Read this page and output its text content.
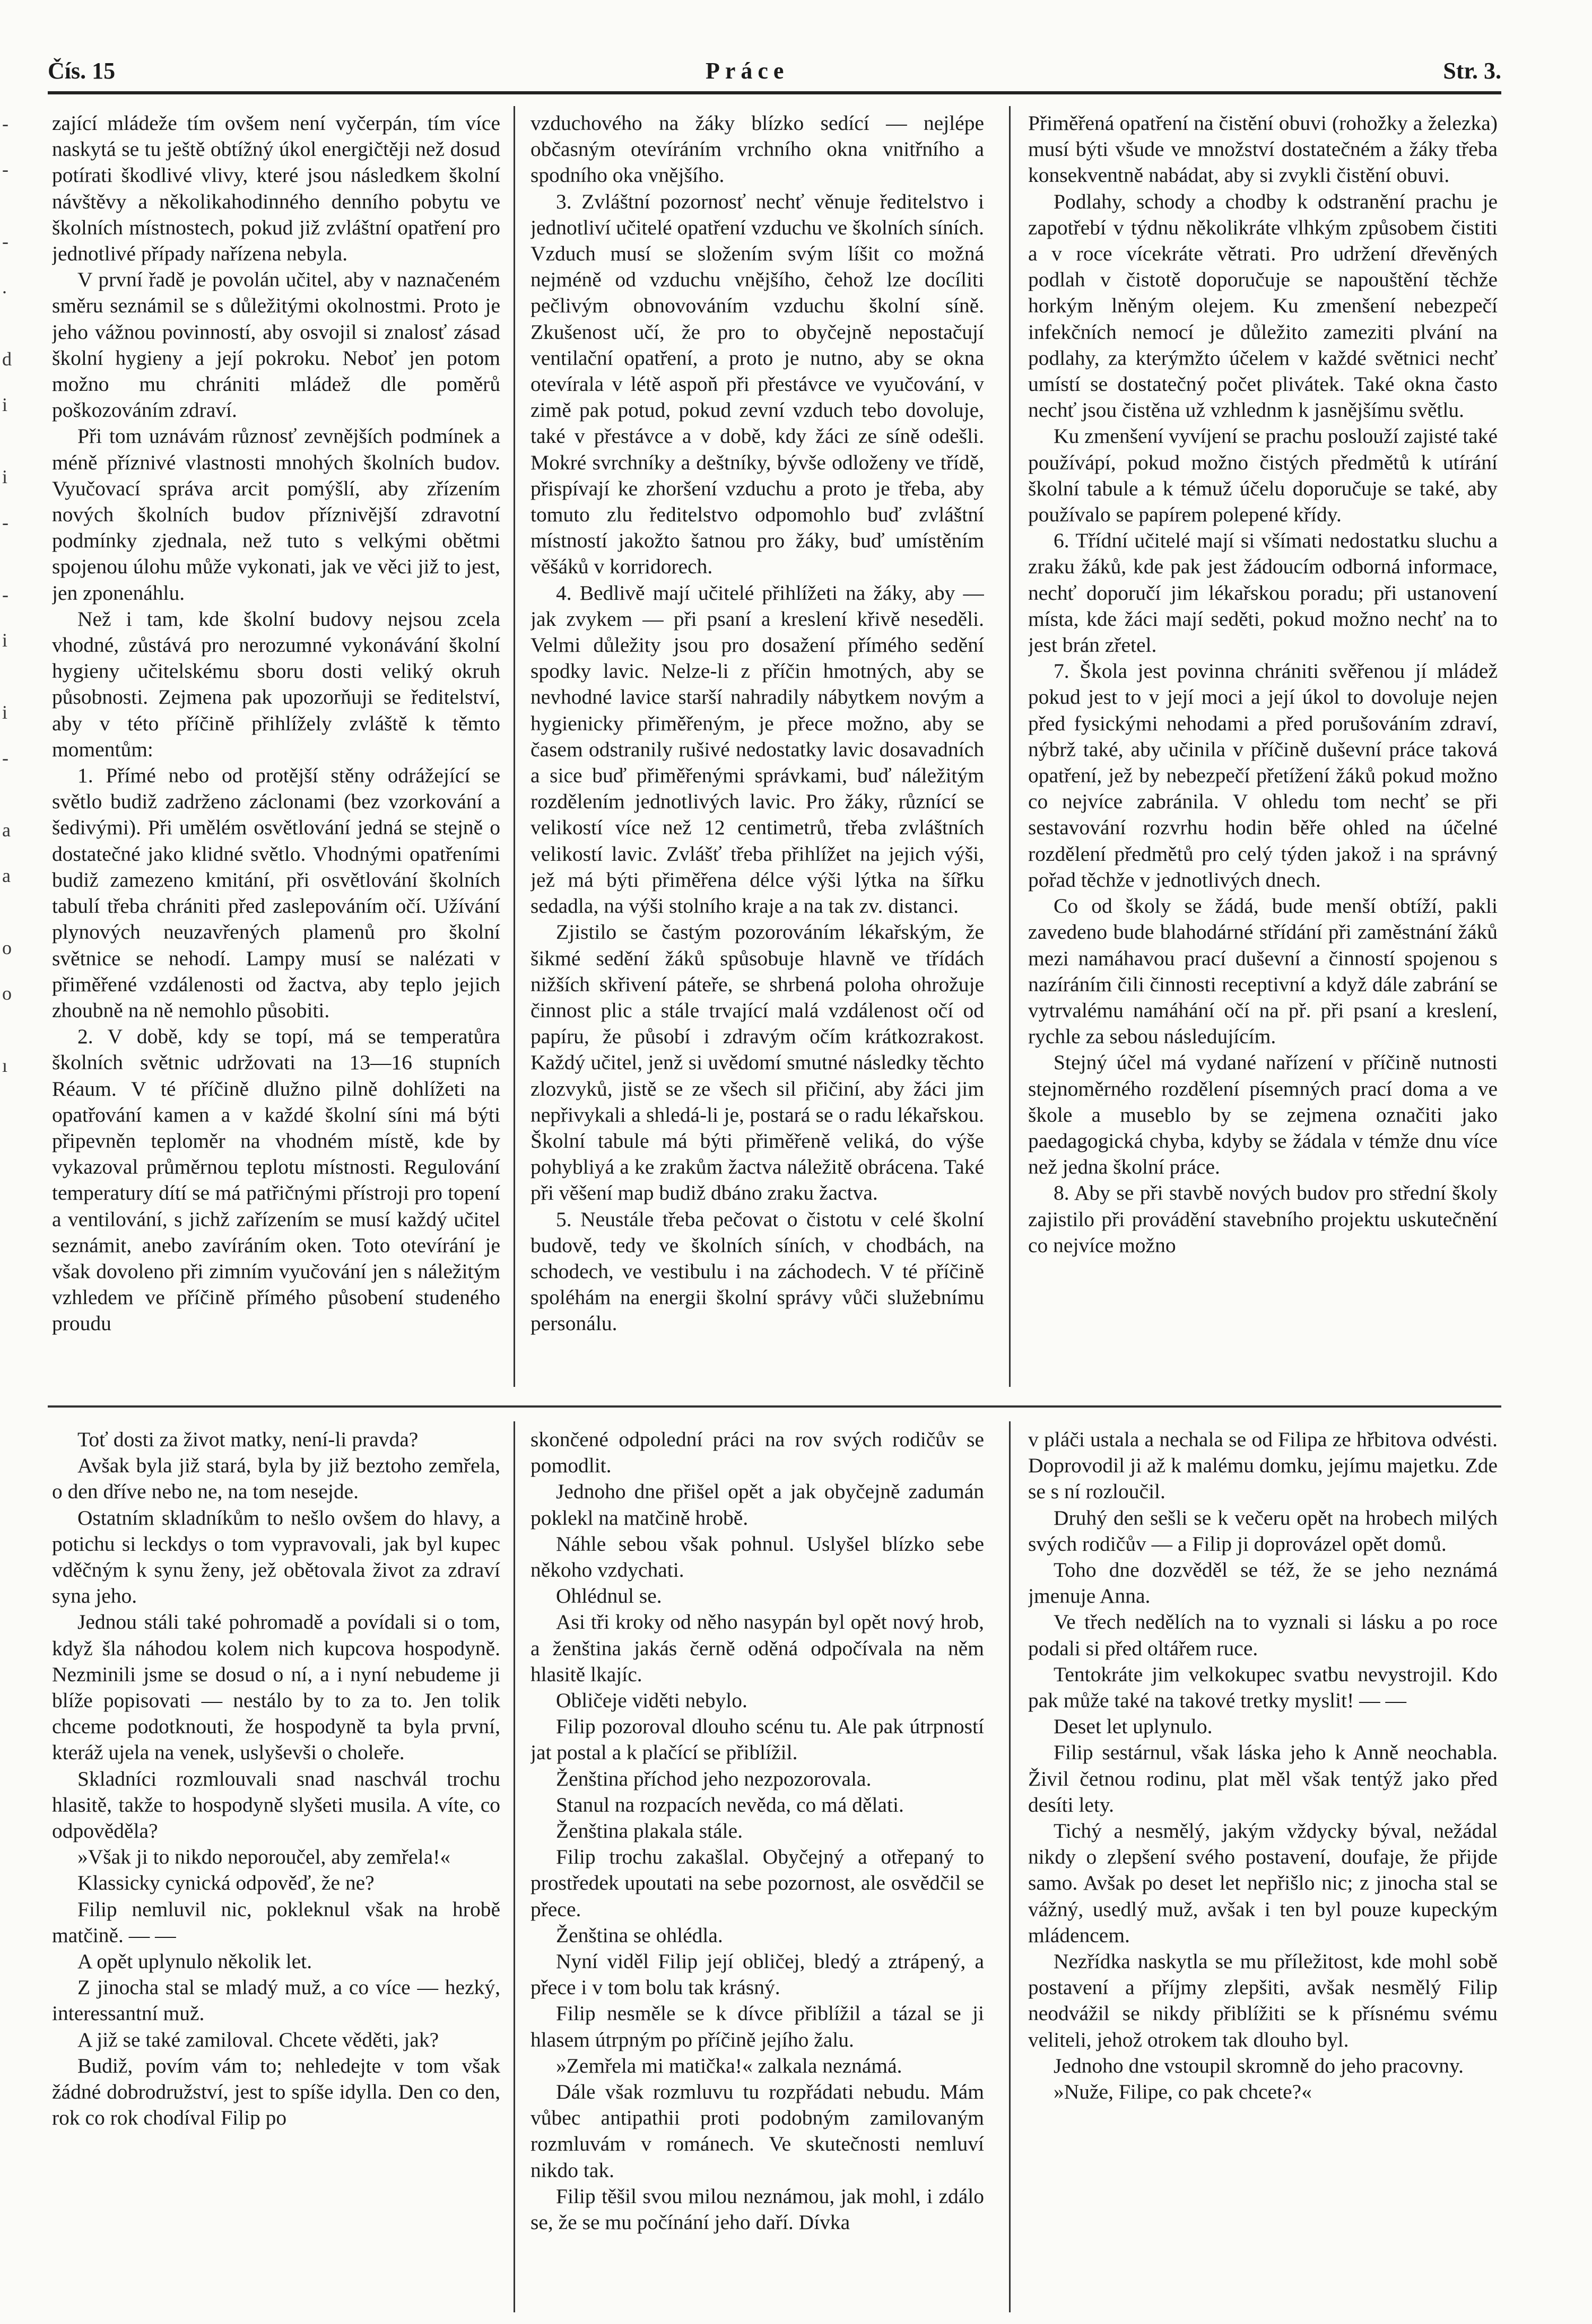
Čís. 15	Práce	Str. 3.
-
-
-
.
d
i
i
-
-
i
i
-
a
a
o
o
ı

zající mládeže tím ovšem není vyčerpán, tím více naskytá se tu ještě obtížný úkol energičtěji než dosud potírati škodlivé vlivy, které jsou následkem školní návštěvy a několikahodinného denního pobytu ve školních místnostech, pokud již zvláštní opatření pro jednotlivé případy nařízena nebyla.

V první řadě je povolán učitel, aby v naznačeném směru seznámil se s důležitými okolnostmi. Proto je jeho vážnou povinností, aby osvojil si znalosť zásad školní hygieny a její pokroku. Neboť jen potom možno mu chrániti mládež dle poměrů poškozováním zdraví.

Při tom uznávám různosť zevnějších podmínek a méně příznivé vlastnosti mnohých školních budov. Vyučovací správa arcit pomýšlí, aby zřízením nových školních budov příznivější zdravotní podmínky zjednala, než tuto s velkými obětmi spojenou úlohu může vykonati, jak ve věci již to jest, jen zponenáhlu.

Než i tam, kde školní budovy nejsou zcela vhodné, zůstává pro nerozumné vykonávání školní hygieny učitelskému sboru dosti veliký okruh působnosti. Zejmena pak upozorňuji se ředitelství, aby v této příčině přihlížely zvláště k těmto momentům:

1. Přímé nebo od protější stěny odrážející se světlo budiž zadrženo záclonami (bez vzorkování a šedivými). Při umělém osvětlování jedná se stejně o dostatečné jako klidné světlo. Vhodnými opatřeními budiž zamezeno kmitání, při osvětlování školních tabulí třeba chrániti před zaslepováním očí. Užívání plynových neuzavřených plamenů pro školní světnice se nehodí. Lampy musí se nalézati v přiměřené vzdálenosti od žactva, aby teplo jejich zhoubně na ně nemohlo působiti.

2. V době, kdy se topí, má se temperatůra školních světnic udržovati na 13—16 stupních Réaum. V té příčině dlužno pilně dohlížeti na opatřování kamen a v každé školní síni má býti připevněn teploměr na vhodném místě, kde by vykazoval průměrnou teplotu místnosti. Regulování temperatury dítí se má patřičnými přístroji pro topení a ventilování, s jichž zařízením se musí každý učitel seznámit, anebo zavíráním oken. Toto otevírání je však dovoleno při zimním vyučování jen s náležitým vzhledem ve příčině přímého působení studeného proudu

vzduchového na žáky blízko sedící — nejlépe občasným otevíráním vrchního okna vnitřního a spodního oka vnějšího.

3. Zvláštní pozornosť nechť věnuje ředitelstvo i jednotliví učitelé opatření vzduchu ve školních síních. Vzduch musí se složením svým líšit co možná nejméně od vzduchu vnějšího, čehož lze docíliti pečlivým obnovováním vzduchu školní síně. Zkušenost učí, že pro to obyčejně nepostačují ventilační opatření, a proto je nutno, aby se okna otevírala v létě aspoň při přestávce ve vyučování, v zimě pak potud, pokud zevní vzduch tebo dovoluje, také v přestávce a v době, kdy žáci ze síně odešli. Mokré svrchníky a deštníky, bývše odloženy ve třídě, přispívají ke zhoršení vzduchu a proto je třeba, aby tomuto zlu ředitelstvo odpomohlo buď zvláštní místností jakožto šatnou pro žáky, buď umístěním věšáků v korridorech.

4. Bedlivě mají učitelé přihlížeti na žáky, aby — jak zvykem — při psaní a kreslení křivě neseděli. Velmi důležity jsou pro dosažení přímého sedění spodky lavic. Nelze-li z příčin hmotných, aby se nevhodné lavice starší nahradily nábytkem novým a hygienicky přiměřeným, je přece možno, aby se časem odstranily rušivé nedostatky lavic dosavadních a sice buď přiměřenými správkami, buď náležitým rozdělením jednotlivých lavic. Pro žáky, různící se velikostí více než 12 centimetrů, třeba zvláštních velikostí lavic. Zvlášť třeba přihlížet na jejich výši, jež má býti přiměřena délce výši lýtka na šířku sedadla, na výši stolního kraje a na tak zv. distanci.

Zjistilo se častým pozorováním lékařským, že šikmé sedění žáků spůsobuje hlavně ve třídách nižších skřivení páteře, se shrbená poloha ohrožuje činnost plic a stále trvající malá vzdálenost očí od papíru, že působí i zdravým očím krátkozrakost. Každý učitel, jenž si uvědomí smutné následky těchto zlozvyků, jistě se ze všech sil přičiní, aby žáci jim nepřivykali a shledá-li je, postará se o radu lékařskou. Školní tabule má býti přiměřeně veliká, do výše pohybliyá a ke zrakům žactva náležitě obrácena. Také při věšení map budiž dbáno zraku žactva.

5. Neustále třeba pečovat o čistotu v celé školní budově, tedy ve školních síních, v chodbách, na schodech, ve vestibulu i na záchodech. V té příčině spoléhám na energii školní správy vůči služebnímu personálu.

Přiměřená opatření na čistění obuvi (rohožky a železka) musí býti všude ve množství dostatečném a žáky třeba konsekventně nabádat, aby si zvykli čistění obuvi.

Podlahy, schody a chodby k odstranění prachu je zapotřebí v týdnu několikráte vlhkým způsobem čistiti a v roce vícekráte větrati. Pro udržení dřevěných podlah v čistotě doporučuje se napouštění těchže horkým lněným olejem. Ku zmenšení nebezpečí infekčních nemocí je důležito zameziti plvání na podlahy, za kterýmžto účelem v každé světnici nechť umístí se dostatečný počet plivátek. Také okna často nechť jsou čistěna už vzhlednm k jasnějšímu světlu.

Ku zmenšení vyvíjení se prachu poslouží zajisté také používápí, pokud možno čistých předmětů k utírání školní tabule a k témuž účelu doporučuje se také, aby používalo se papírem polepené křídy.

6. Třídní učitelé mají si všímati nedostatku sluchu a zraku žáků, kde pak jest žádoucím odborná informace, nechť doporučí jim lékařskou poradu; při ustanovení místa, kde žáci mají seděti, pokud možno nechť na to jest brán zřetel.

7. Škola jest povinna chrániti svěřenou jí mládež pokud jest to v její moci a její úkol to dovoluje nejen před fysickými nehodami a před porušováním zdraví, nýbrž také, aby učinila v příčině duševní práce taková opatření, jež by nebezpečí přetížení žáků pokud možno co nejvíce zabránila. V ohledu tom nechť se při sestavování rozvrhu hodin běře ohled na účelné rozdělení předmětů pro celý týden jakož i na správný pořad těchže v jednotlivých dnech.

Co od školy se žádá, bude menší obtíží, pakli zavedeno bude blahodárné střídání při zaměstnání žáků mezi namáhavou prací duševní a činností spojenou s nazíráním čili činnosti receptivní a když dále zabrání se vytrvalému namáhání očí na př. při psaní a kreslení, rychle za sebou následujícím.

Stejný účel má vydané nařízení v příčině nutnosti stejnoměrného rozdělení písemných prací doma a ve škole a museblo by se zejmena označiti jako paedagogická chyba, kdyby se žádala v témže dnu více než jedna školní práce.

8. Aby se při stavbě nových budov pro střední školy zajistilo při provádění stavebního projektu uskutečnění co nejvíce možno

Toť dosti za život matky, není-li pravda?

Avšak byla již stará, byla by již beztoho zemřela, o den dříve nebo ne, na tom nesejde.

Ostatním skladníkům to nešlo ovšem do hlavy, a potichu si leckdys o tom vypravovali, jak byl kupec vděčným k synu ženy, jež obětovala život za zdraví syna jeho.

Jednou stáli také pohromadě a povídali si o tom, když šla náhodou kolem nich kupcova hospodyně. Nezminili jsme se dosud o ní, a i nyní nebudeme ji blíže popisovati — nestálo by to za to. Jen tolik chceme podotknouti, že hospodyně ta byla první, kteráž ujela na venek, uslyševši o choleře.

Skladníci rozmlouvali snad naschvál trochu hlasitě, takže to hospodyně slyšeti musila. A víte, co odpověděla?

»Však ji to nikdo neporoučel, aby zemřela!«

Klassicky cynická odpověď, že ne?

Filip nemluvil nic, pokleknul však na hrobě matčině. — —

A opět uplynulo několik let.

Z jinocha stal se mladý muž, a co více — hezký, interessantní muž.

A již se také zamiloval. Chcete věděti, jak?

Budiž, povím vám to; nehledejte v tom však žádné dobrodružství, jest to spíše idylla. Den co den, rok co rok chodíval Filip po

skončené odpolední práci na rov svých rodičův se pomodlit.

Jednoho dne přišel opět a jak obyčejně zadumán poklekl na matčině hrobě.

Náhle sebou však pohnul. Uslyšel blízko sebe někoho vzdychati.

Ohlédnul se.

Asi tři kroky od něho nasypán byl opět nový hrob, a ženština jakás černě oděná odpočívala na něm hlasitě lkajíc.

Obličeje viděti nebylo.

Filip pozoroval dlouho scénu tu. Ale pak útrpností jat postal a k plačící se přiblížil.

Ženština příchod jeho nezpozorovala.

Stanul na rozpacích nevěda, co má dělati.

Ženština plakala stále.

Filip trochu zakašlal. Obyčejný a otřepaný to prostředek upoutati na sebe pozornost, ale osvědčil se přece.

Ženština se ohlédla.

Nyní viděl Filip její obličej, bledý a ztrápený, a přece i v tom bolu tak krásný.

Filip nesměle se k dívce přiblížil a tázal se ji hlasem útrpným po příčině jejího žalu.

»Zemřela mi matička!« zalkala neznámá.

Dále však rozmluvu tu rozpřádati nebudu. Mám vůbec antipathii proti podobným zamilovaným rozmluvám v románech. Ve skutečnosti nemluví nikdo tak.

Filip těšil svou milou neznámou, jak mohl, i zdálo se, že se mu počínání jeho daří. Dívka

v pláči ustala a nechala se od Filipa ze hřbitova odvésti. Doprovodil ji až k malému domku, jejímu majetku. Zde se s ní rozloučil.

Druhý den sešli se k večeru opět na hrobech milých svých rodičův — a Filip ji doprovázel opět domů.

Toho dne dozvěděl se též, že se jeho neznámá jmenuje Anna.

Ve třech nedělích na to vyznali si lásku a po roce podali si před oltářem ruce.

Tentokráte jim velkokupec svatbu nevystrojil. Kdo pak může také na takové tretky myslit! — —

Deset let uplynulo.

Filip sestárnul, však láska jeho k Anně neochabla. Živil četnou rodinu, plat měl však tentýž jako před desíti lety.

Tichý a nesmělý, jakým vždycky býval, nežádal nikdy o zlepšení svého postavení, doufaje, že přijde samo. Avšak po deset let nepřišlo nic; z jinocha stal se vážný, usedlý muž, avšak i ten byl pouze kupeckým mládencem.

Nezřídka naskytla se mu příležitost, kde mohl sobě postavení a příjmy zlepšiti, avšak nesmělý Filip neodvážil se nikdy přiblížiti se k přísnému svému veliteli, jehož otrokem tak dlouho byl.

Jednoho dne vstoupil skromně do jeho pracovny.

»Nuže, Filipe, co pak chcete?«
